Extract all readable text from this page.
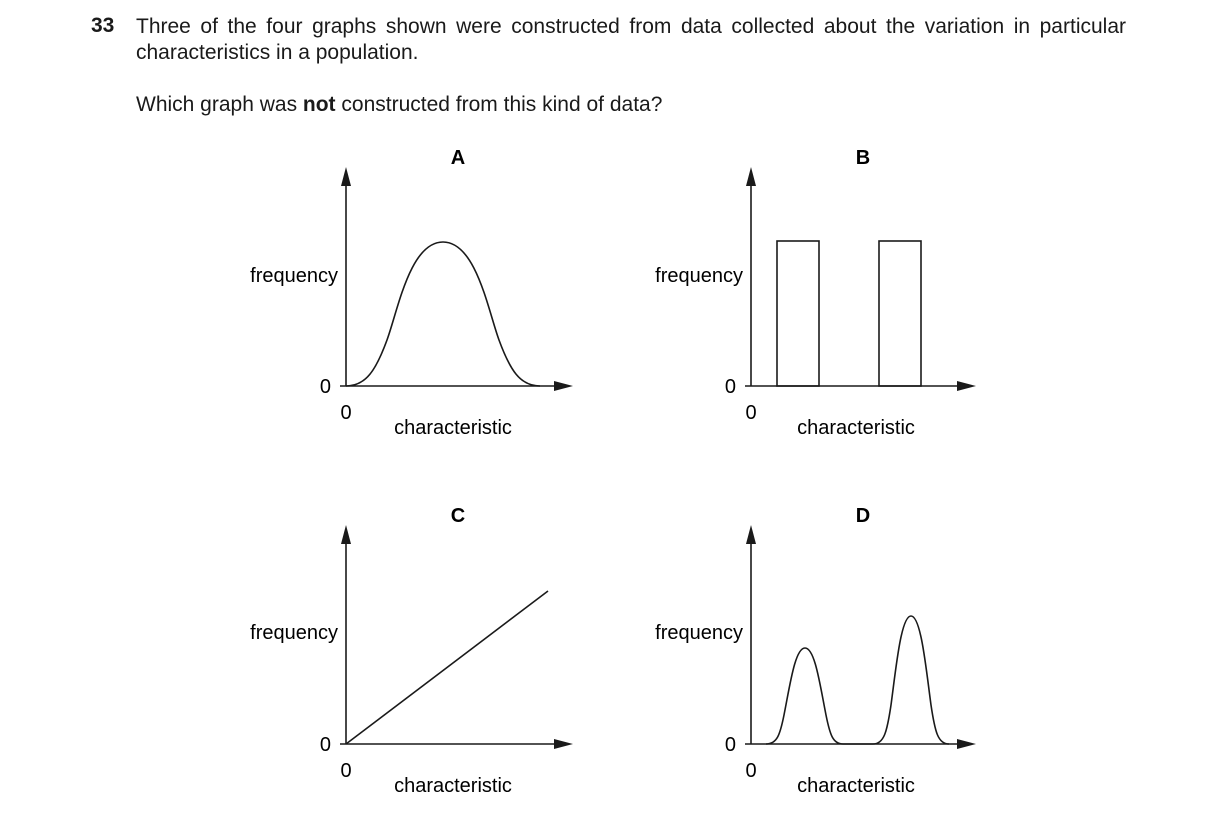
33 Three of the four graphs shown were constructed from data collected about the variation in particular characteristics in a population.
Which graph was not constructed from this kind of data?
A
frequency
0
0
characteristic
B
frequency
0
0
characteristic
C
frequency
0
0
characteristic
D
frequency
0
0
characteristic
